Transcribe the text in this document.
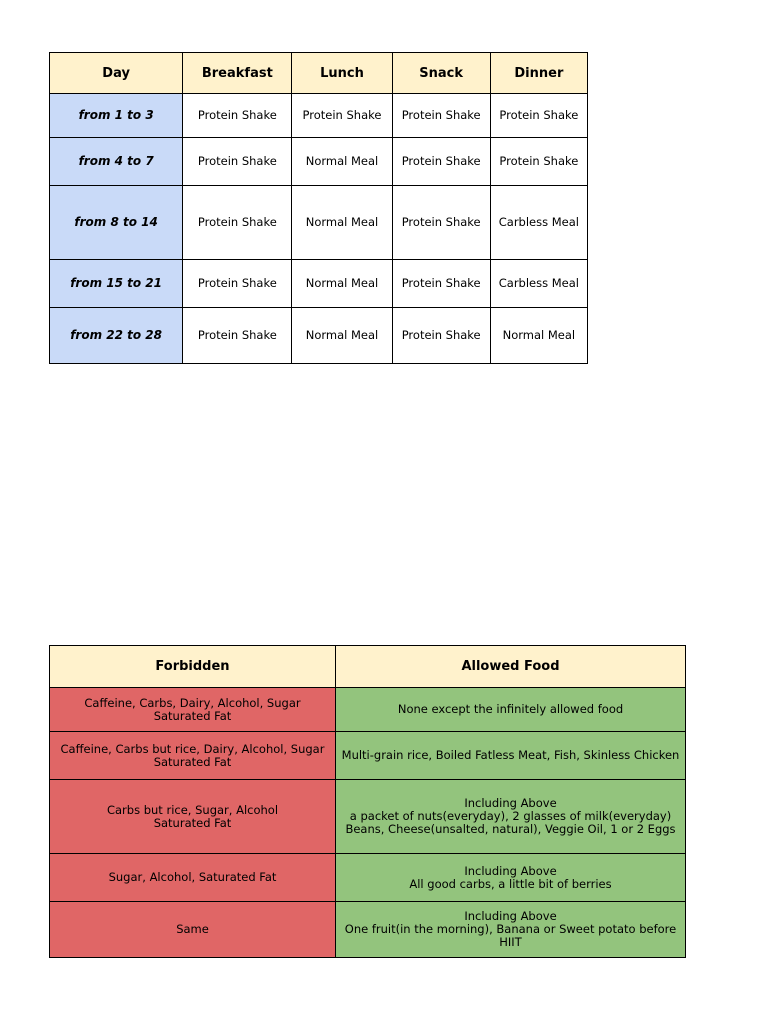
Day	Breakfast	Lunch	Snack	Dinner
from 1 to 3	Protein Shake	Protein Shake	Protein Shake	Protein Shake
from 4 to 7	Protein Shake	Normal Meal	Protein Shake	Protein Shake
from 8 to 14	Protein Shake	Normal Meal	Protein Shake	Carbless Meal
from 15 to 21	Protein Shake	Normal Meal	Protein Shake	Carbless Meal
from 22 to 28	Protein Shake	Normal Meal	Protein Shake	Normal Meal
Forbidden	Allowed Food

Caffeine, Carbs, Dairy, Alcohol, Sugar
Saturated Fat	None except the infinitely allowed food

Caffeine, Carbs but rice, Dairy, Alcohol, Sugar
Saturated Fat	Multi-grain rice, Boiled Fatless Meat, Fish, Skinless Chicken

Carbs but rice, Sugar, Alcohol
Saturated Fat	Including Above
a packet of nuts(everyday), 2 glasses of milk(everyday)
Beans, Cheese(unsalted, natural), Veggie Oil, 1 or 2 Eggs

Sugar, Alcohol, Saturated Fat	Including Above
All good carbs, a little bit of berries

Same	Including Above
One fruit(in the morning), Banana or Sweet potato before HIIT
